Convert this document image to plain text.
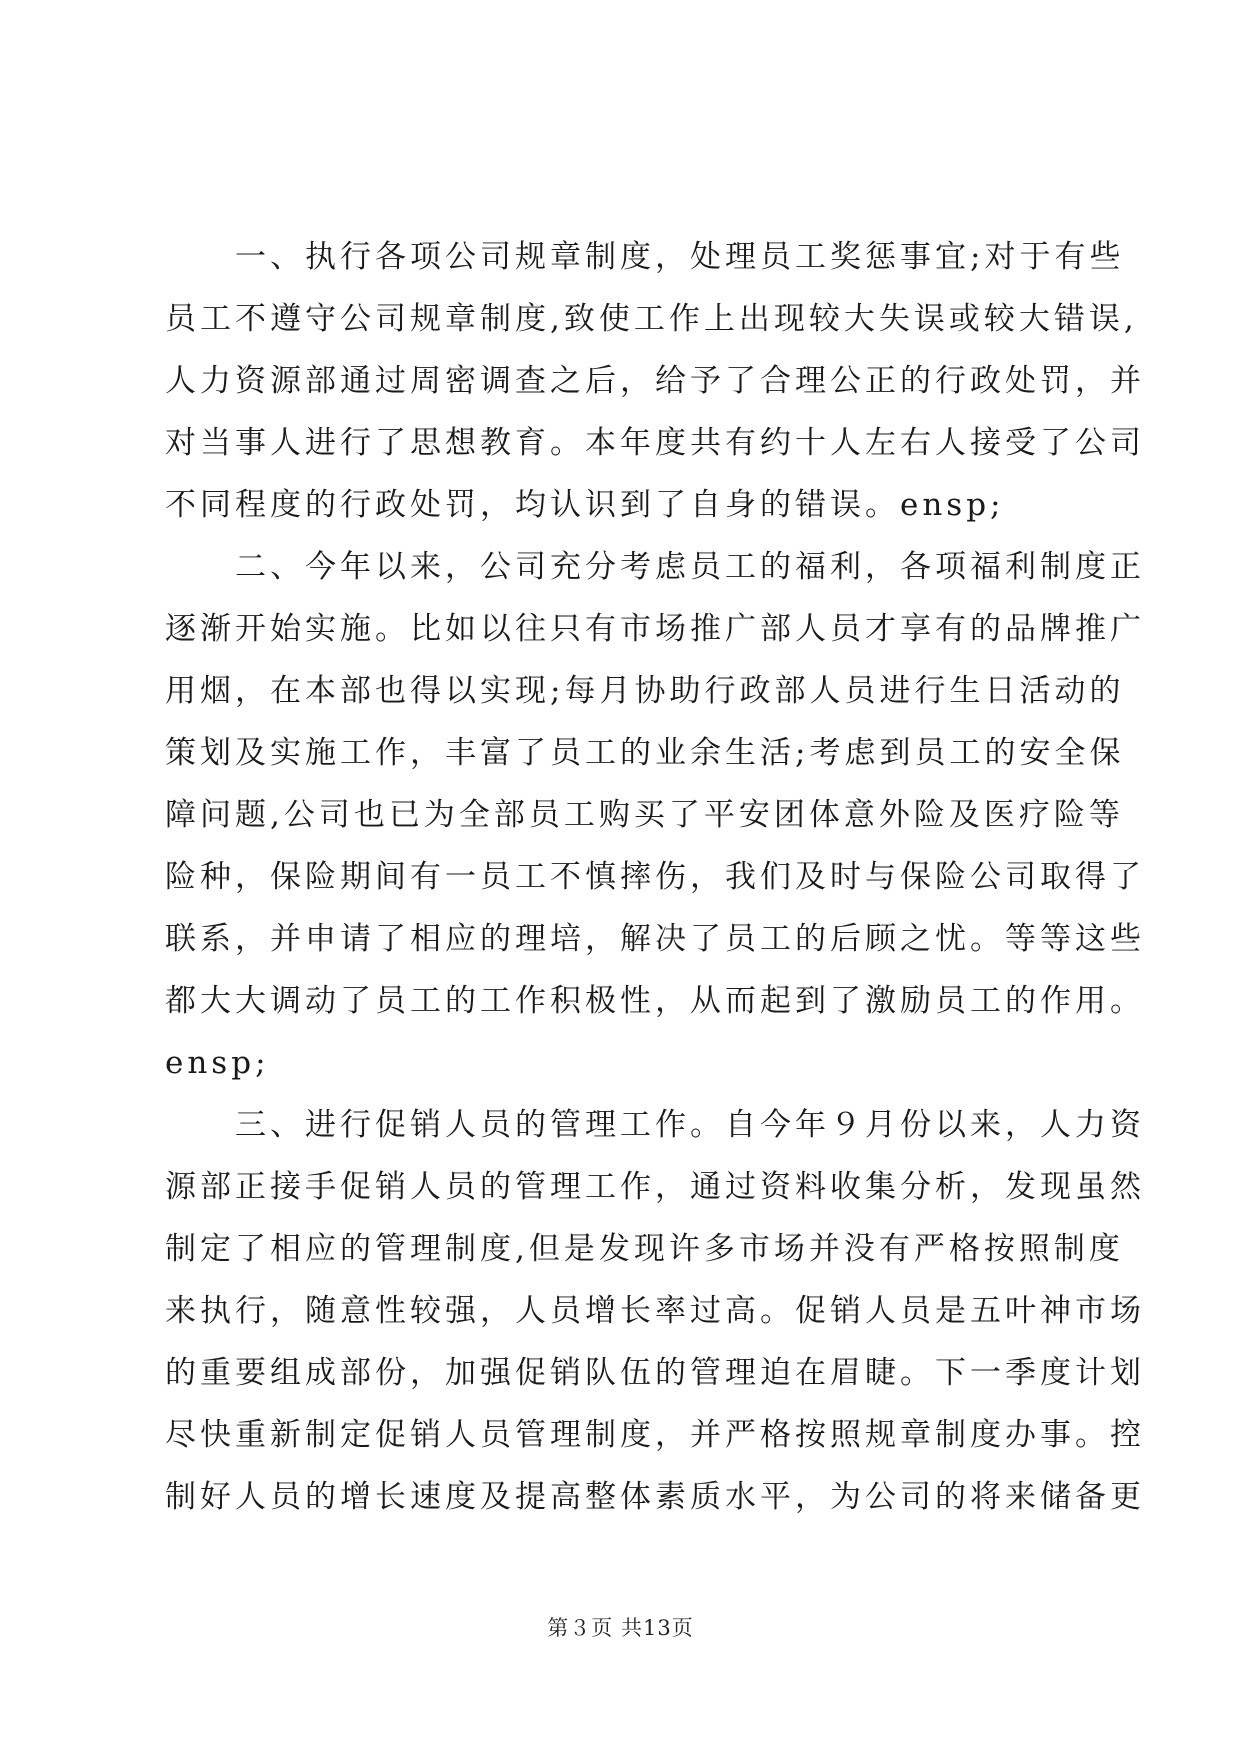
一、执行各项公司规章制度，处理员工奖惩事宜;对于有些
员工不遵守公司规章制度,致使工作上出现较大失误或较大错误,
人力资源部通过周密调查之后，给予了合理公正的行政处罚，并
对当事人进行了思想教育。本年度共有约十人左右人接受了公司
不同程度的行政处罚，均认识到了自身的错误。ensp;
二、今年以来，公司充分考虑员工的福利，各项福利制度正
逐渐开始实施。比如以往只有市场推广部人员才享有的品牌推广
用烟，在本部也得以实现;每月协助行政部人员进行生日活动的
策划及实施工作，丰富了员工的业余生活;考虑到员工的安全保
障问题,公司也已为全部员工购买了平安团体意外险及医疗险等
险种，保险期间有一员工不慎摔伤，我们及时与保险公司取得了
联系，并申请了相应的理培，解决了员工的后顾之忧。等等这些
都大大调动了员工的工作积极性，从而起到了激励员工的作用。
ensp;
三、进行促销人员的管理工作。自今年９月份以来，人力资
源部正接手促销人员的管理工作，通过资料收集分析，发现虽然
制定了相应的管理制度,但是发现许多市场并没有严格按照制度
来执行，随意性较强，人员增长率过高。促销人员是五叶神市场
的重要组成部份，加强促销队伍的管理迫在眉睫。下一季度计划
尽快重新制定促销人员管理制度，并严格按照规章制度办事。控
制好人员的增长速度及提高整体素质水平，为公司的将来储备更
第３页 共13页
